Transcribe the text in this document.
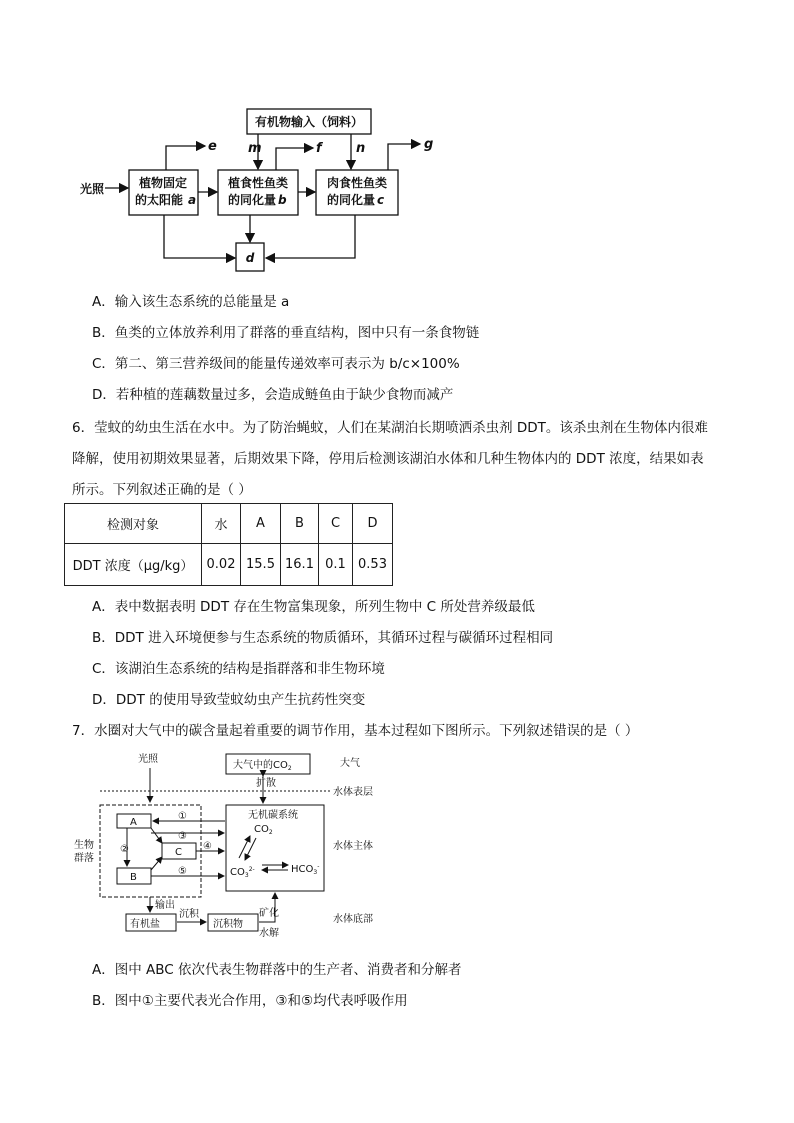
有机物输入（饲料）
光照	植物固定
的太阳能 a
植食性鱼类
的同化量 b
肉食性鱼类
的同化量 c
d
e m	f	n	g
A．输入该生态系统的总能量是 a
B．鱼类的立体放养利用了群落的垂直结构，图中只有一条食物链
C．第二、第三营养级间的能量传递效率可表示为 b/c×100%
D．若种植的莲藕数量过多，会造成鲢鱼由于缺少食物而减产
6．莹蚊的幼虫生活在水中。为了防治蝇蚊，人们在某湖泊长期喷洒杀虫剂 DDT。该杀虫剂在生物体内很难
降解，使用初期效果显著，后期效果下降，停用后检测该湖泊水体和几种生物体内的 DDT 浓度，结果如表
所示。下列叙述正确的是（ ）
检测对象	水	A	B	C	D
DDT 浓度（μg/kg）	0.02	15.5	16.1	0.1	0.53
A．表中数据表明 DDT 存在生物富集现象，所列生物中 C 所处营养级最低
B．DDT 进入环境便参与生态系统的物质循环，其循环过程与碳循环过程相同
C．该湖泊生态系统的结构是指群落和非生物环境
D．DDT 的使用导致莹蚊幼虫产生抗药性突变
7．水圈对大气中的碳含量起着重要的调节作用，基本过程如下图所示。下列叙述错误的是（ ）
光照
大气中的$CO_2$	大气
扩散
水体表层
无机碳系统
$CO_2$
$CO_3^{2-}$	$HCO_3^-$
水体主体
生物
群落
A
C
B
①
②
③
④
⑤
输出
有机盐
沉积
沉积物
矿化
水解
水体底部
A．图中 ABC 依次代表生物群落中的生产者、消费者和分解者
B．图中①主要代表光合作用，③和⑤均代表呼吸作用
